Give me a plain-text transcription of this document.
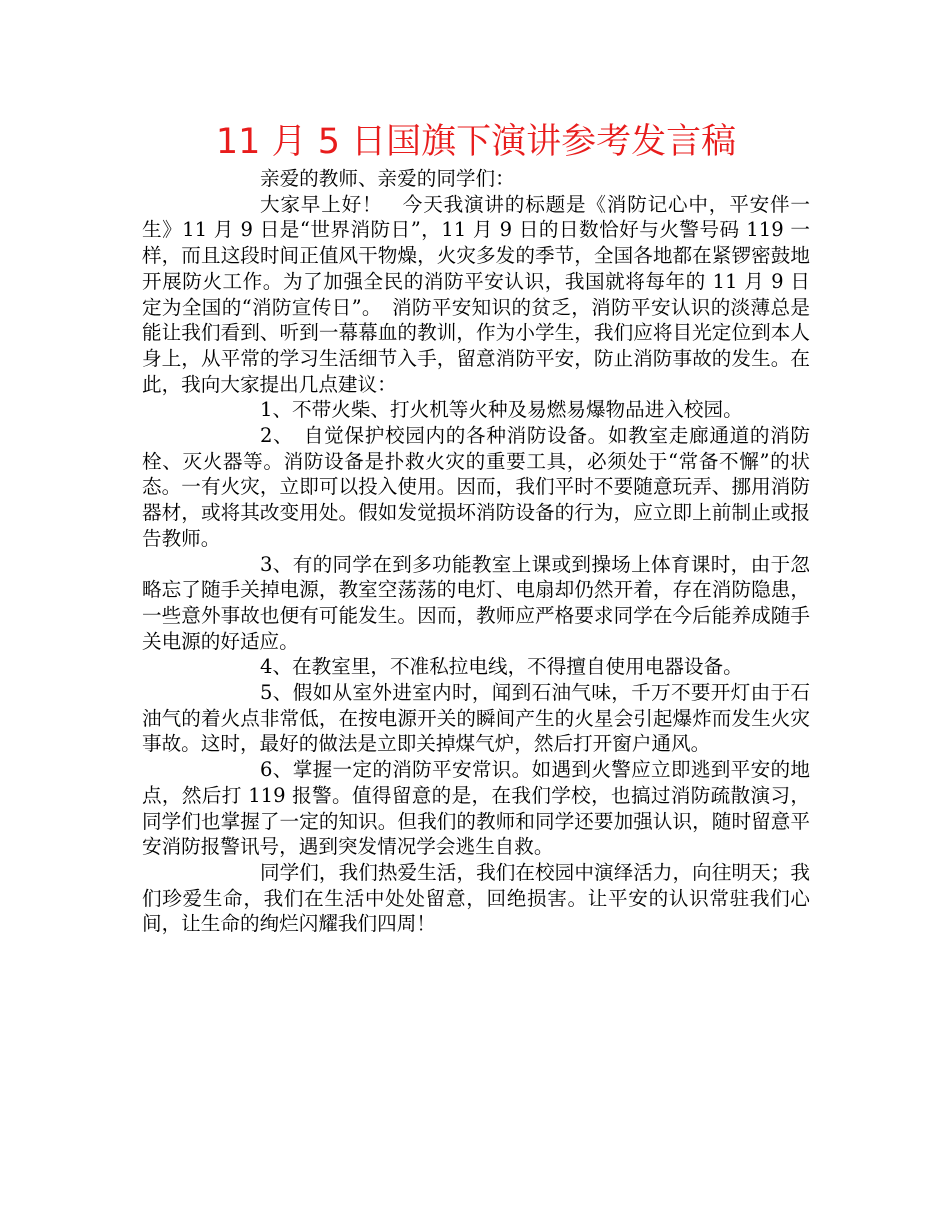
11 月 5 日国旗下演讲参考发言稿

亲爱的教师、亲爱的同学们：

大家早上好！　今天我演讲的标题是《消防记心中，平安伴一生》11 月 9 日是“世界消防日”，11 月 9 日的日数恰好与火警号码 119 一样，而且这段时间正值风干物燥，火灾多发的季节，全国各地都在紧锣密鼓地开展防火工作。为了加强全民的消防平安认识，我国就将每年的 11 月 9 日定为全国的“消防宣传日”。　消防平安知识的贫乏，消防平安认识的淡薄总是能让我们看到、听到一幕幕血的教训，作为小学生，我们应将目光定位到本人身上，从平常的学习生活细节入手，留意消防平安，防止消防事故的发生。在此，我向大家提出几点建议：

1、不带火柴、打火机等火种及易燃易爆物品进入校园。

2、　自觉保护校园内的各种消防设备。如教室走廊通道的消防栓、灭火器等。消防设备是扑救火灾的重要工具，必须处于“常备不懈”的状态。一有火灾，立即可以投入使用。因而，我们平时不要随意玩弄、挪用消防器材，或将其改变用处。假如发觉损坏消防设备的行为，应立即上前制止或报告教师。

3、有的同学在到多功能教室上课或到操场上体育课时，由于忽略忘了随手关掉电源，教室空荡荡的电灯、电扇却仍然开着，存在消防隐患，一些意外事故也便有可能发生。因而，教师应严格要求同学在今后能养成随手关电源的好适应。

4、在教室里，不准私拉电线，不得擅自使用电器设备。

5、假如从室外进室内时，闻到石油气味，千万不要开灯由于石油气的着火点非常低，在按电源开关的瞬间产生的火星会引起爆炸而发生火灾事故。这时，最好的做法是立即关掉煤气炉，然后打开窗户通风。

6、掌握一定的消防平安常识。如遇到火警应立即逃到平安的地点，然后打 119 报警。值得留意的是，在我们学校，也搞过消防疏散演习，同学们也掌握了一定的知识。但我们的教师和同学还要加强认识，随时留意平安消防报警讯号，遇到突发情况学会逃生自救。

同学们，我们热爱生活，我们在校园中演绎活力，向往明天；我们珍爱生命，我们在生活中处处留意，回绝损害。让平安的认识常驻我们心间，让生命的绚烂闪耀我们四周！
